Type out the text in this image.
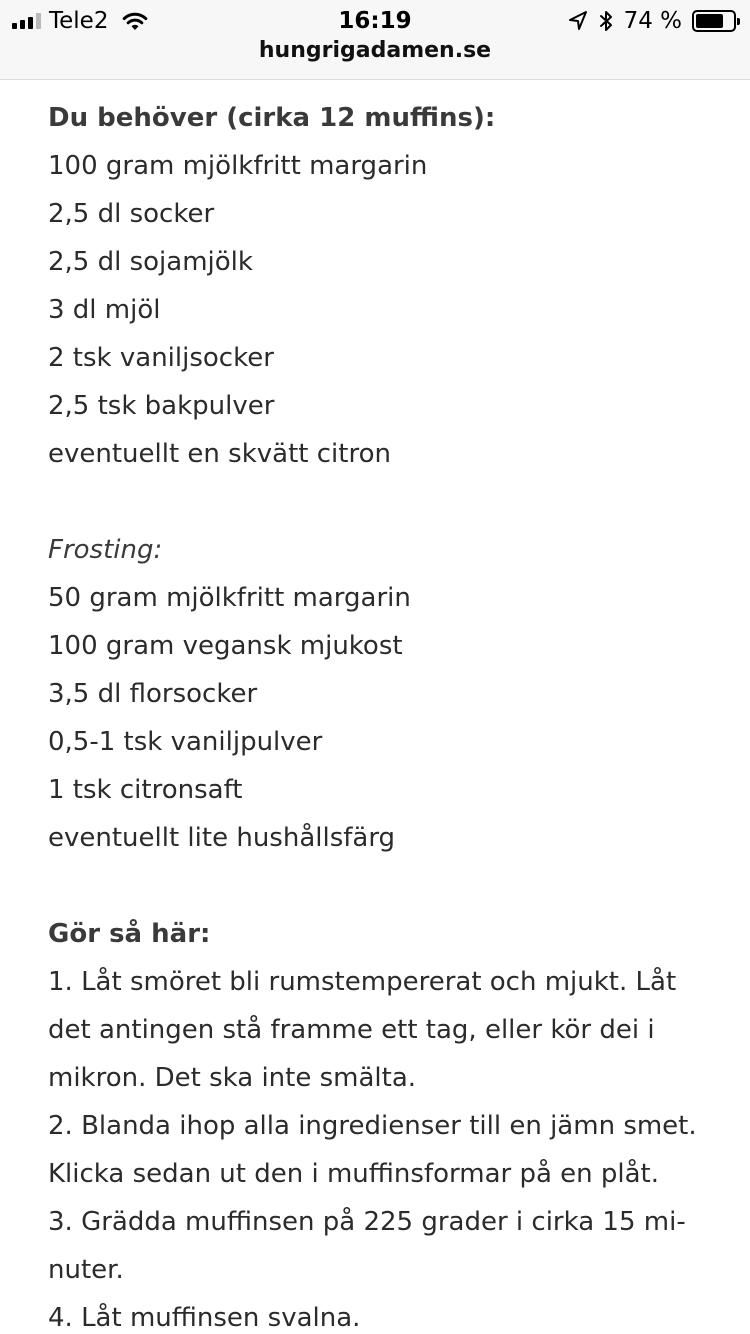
Tele2	16:19	74 %
hungrigadamen.se
Du behöver (cirka 12 muffins):
100 gram mjölkfritt margarin
2,5 dl socker
2,5 dl sojamjölk
3 dl mjöl
2 tsk vaniljsocker
2,5 tsk bakpulver
eventuellt en skvätt citron
Frosting:
50 gram mjölkfritt margarin
100 gram vegansk mjukost
3,5 dl florsocker
0,5-1 tsk vaniljpulver
1 tsk citronsaft
eventuellt lite hushållsfärg
Gör så här:
1. Låt smöret bli rumstempererat och mjukt. Låt
det antingen stå framme ett tag, eller kör dei i
mikron. Det ska inte smälta.
2. Blanda ihop alla ingredienser till en jämn smet.
Klicka sedan ut den i muffinsformar på en plåt.
3. Grädda muffinsen på 225 grader i cirka 15 mi-
nuter.
4. Låt muffinsen svalna.
